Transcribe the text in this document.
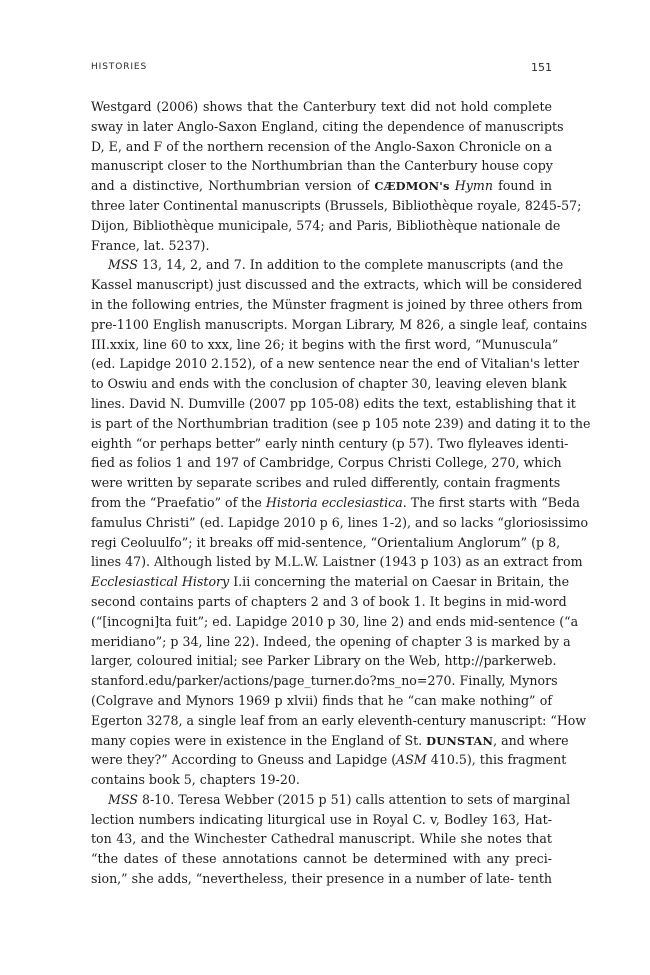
HISTORIES	151
Westgard (2006) shows that the Canterbury text did not hold complete
sway in later Anglo-Saxon England, citing the dependence of manuscripts
D, E, and F of the northern recension of the Anglo-Saxon Chronicle on a
manuscript closer to the Northumbrian than the Canterbury house copy
and a distinctive, Northumbrian version of CÆDMON's Hymn found in
three later Continental manuscripts (Brussels, Bibliothèque royale, 8245-57;
Dijon, Bibliothèque municipale, 574; and Paris, Bibliothèque nationale de
France, lat. 5237).
MSS 13, 14, 2, and 7. In addition to the complete manuscripts (and the
Kassel manuscript) just discussed and the extracts, which will be considered
in the following entries, the Münster fragment is joined by three others from
pre-1100 English manuscripts. Morgan Library, M 826, a single leaf, contains
III.xxix, line 60 to xxx, line 26; it begins with the first word, “Munuscula”
(ed. Lapidge 2010 2.152), of a new sentence near the end of Vitalian's letter
to Oswiu and ends with the conclusion of chapter 30, leaving eleven blank
lines. David N. Dumville (2007 pp 105-08) edits the text, establishing that it
is part of the Northumbrian tradition (see p 105 note 239) and dating it to the
eighth “or perhaps better” early ninth century (p 57). Two flyleaves identi-
fied as folios 1 and 197 of Cambridge, Corpus Christi College, 270, which
were written by separate scribes and ruled differently, contain fragments
from the “Praefatio” of the Historia ecclesiastica. The first starts with “Beda
famulus Christi” (ed. Lapidge 2010 p 6, lines 1-2), and so lacks “gloriosissimo
regi Ceoluulfo”; it breaks off mid-sentence, “Orientalium Anglorum” (p 8,
lines 47). Although listed by M.L.W. Laistner (1943 p 103) as an extract from
Ecclesiastical History I.ii concerning the material on Caesar in Britain, the
second contains parts of chapters 2 and 3 of book 1. It begins in mid-word
(“[incogni]ta fuit”; ed. Lapidge 2010 p 30, line 2) and ends mid-sentence (“a
meridiano”; p 34, line 22). Indeed, the opening of chapter 3 is marked by a
larger, coloured initial; see Parker Library on the Web, http://parkerweb.
stanford.edu/parker/actions/page_turner.do?ms_no=270. Finally, Mynors
(Colgrave and Mynors 1969 p xlvii) finds that he “can make nothing” of
Egerton 3278, a single leaf from an early eleventh-century manuscript: “How
many copies were in existence in the England of St. DUNSTAN, and where
were they?” According to Gneuss and Lapidge (ASM 410.5), this fragment
contains book 5, chapters 19-20.
MSS 8-10. Teresa Webber (2015 p 51) calls attention to sets of marginal
lection numbers indicating liturgical use in Royal C. v, Bodley 163, Hat-
ton 43, and the Winchester Cathedral manuscript. While she notes that
“the dates of these annotations cannot be determined with any preci-
sion,” she adds, “nevertheless, their presence in a number of late- tenth
